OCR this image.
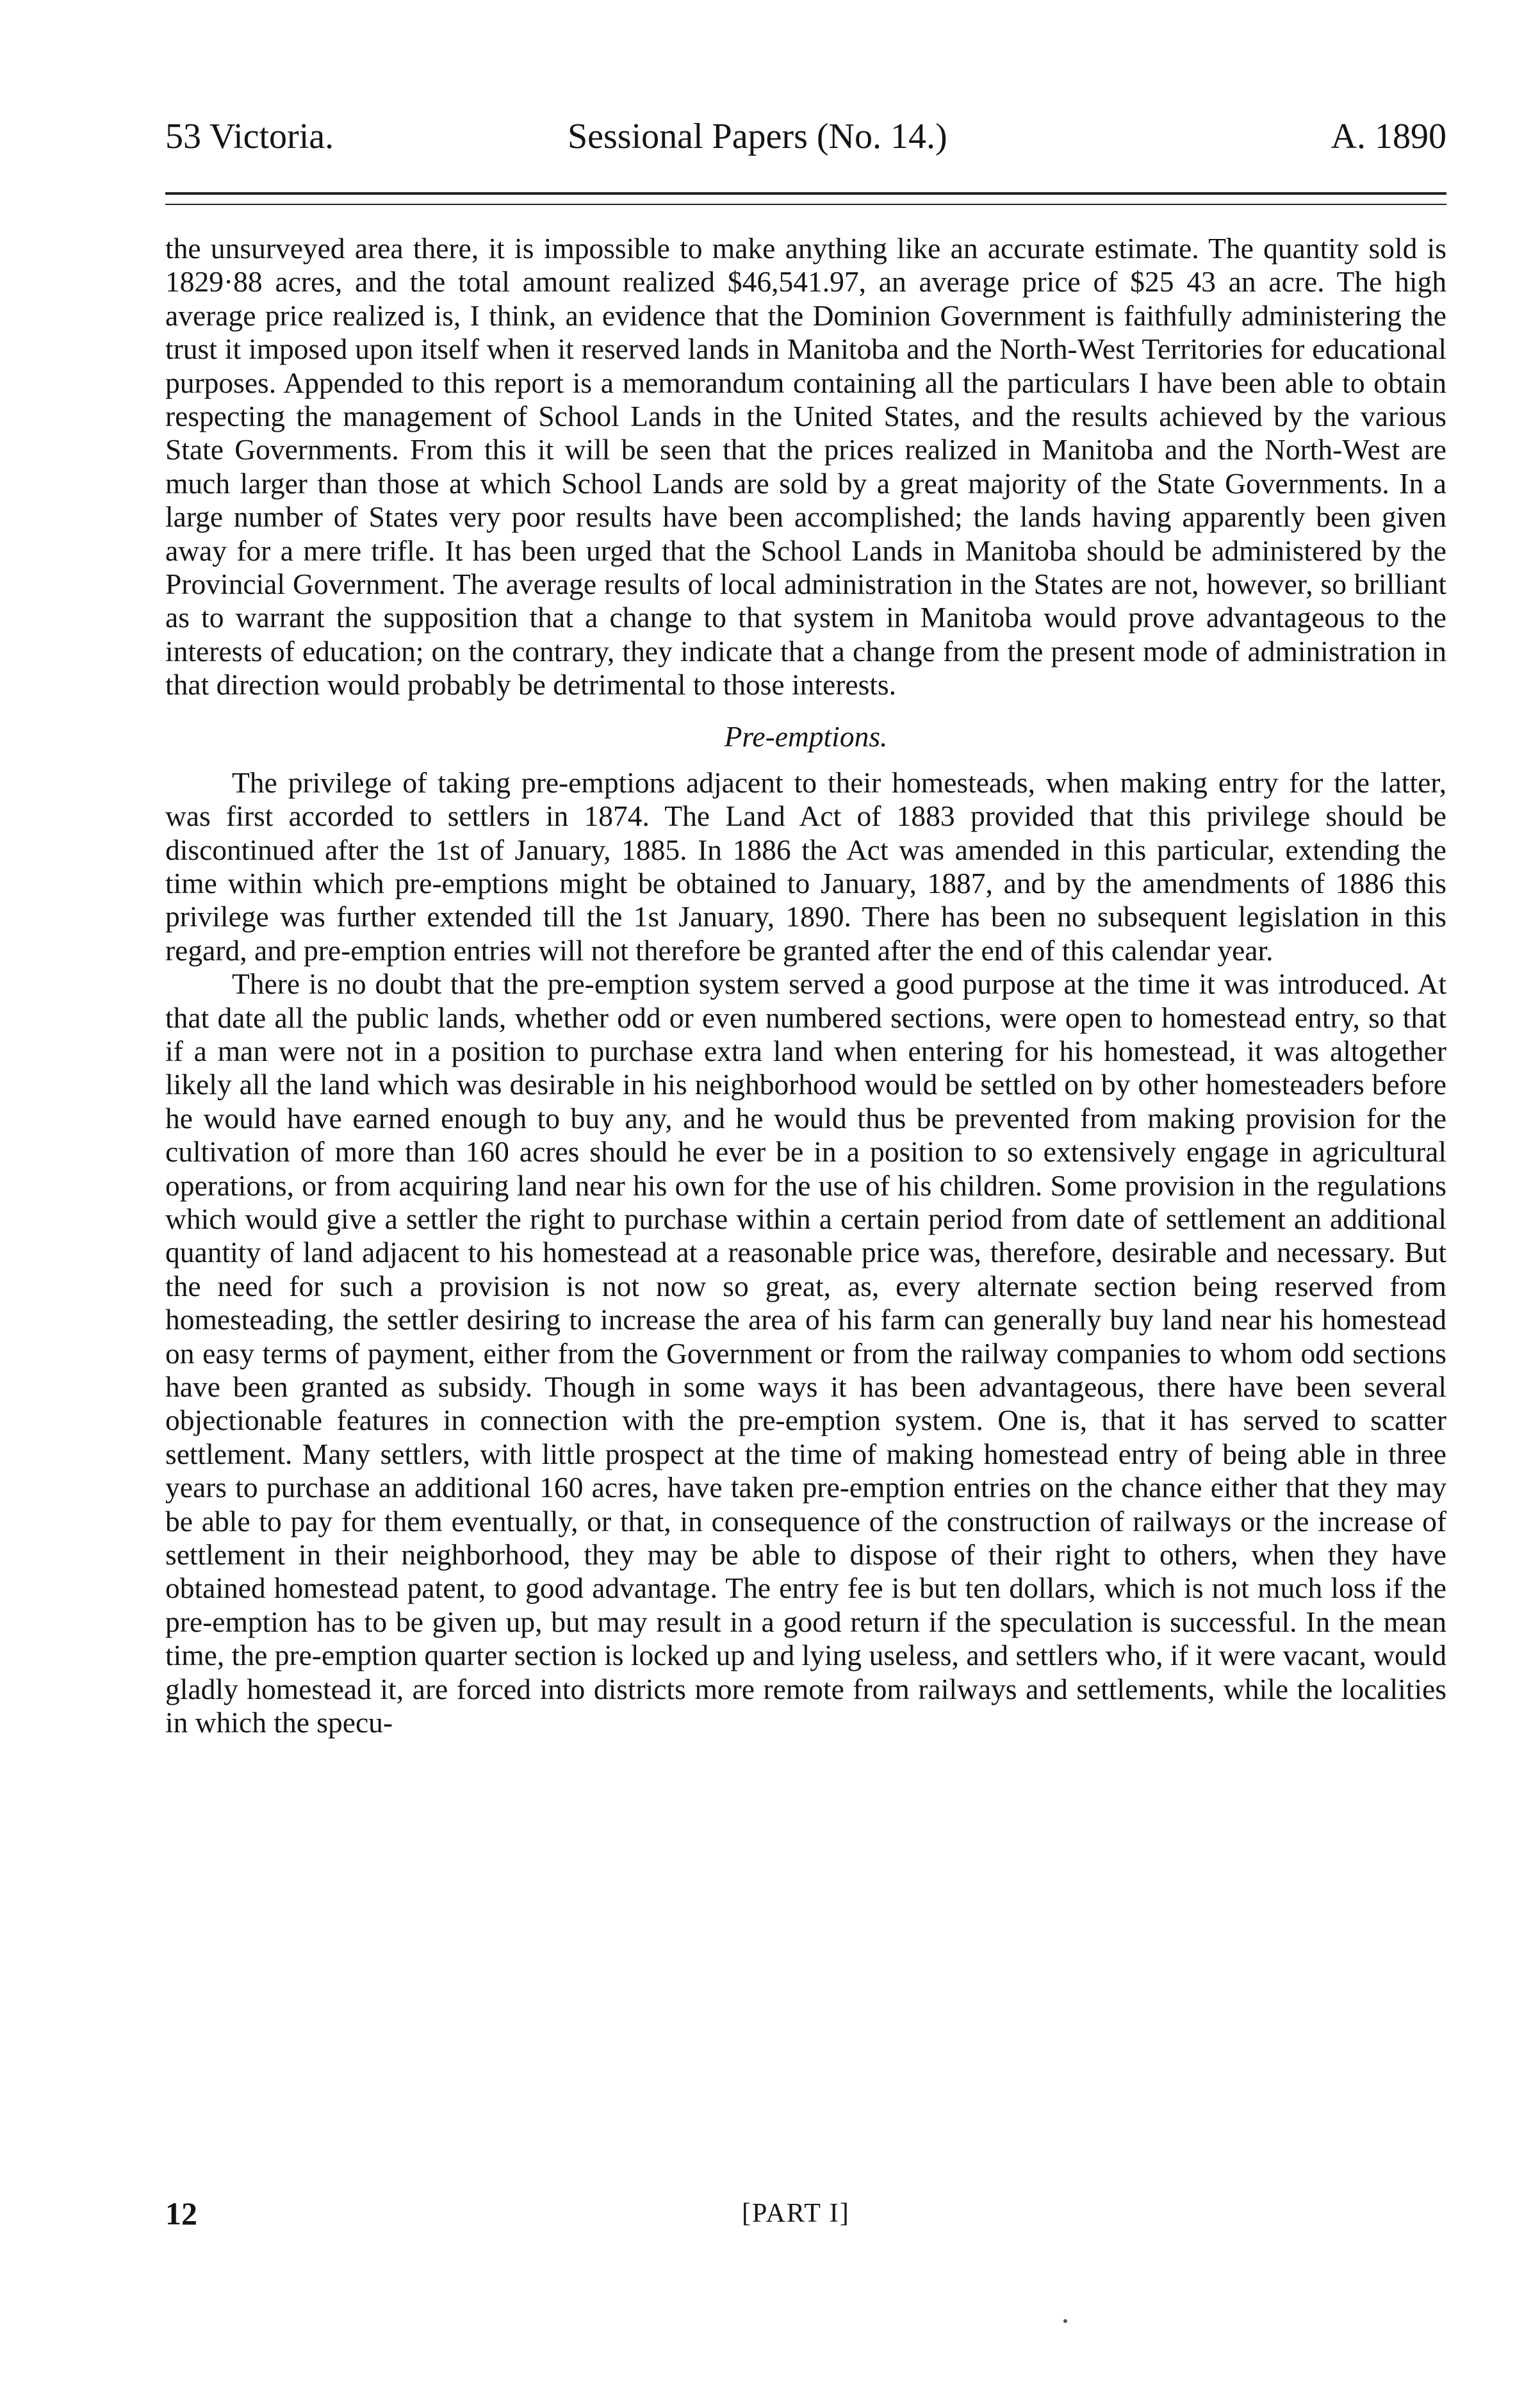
53 Victoria.	Sessional Papers (No. 14.)	A. 1890

the unsurveyed area there, it is impossible to make anything like an accurate estimate. The quantity sold is 1829·88 acres, and the total amount realized $46,541.97, an average price of $25 43 an acre. The high average price realized is, I think, an evidence that the Dominion Government is faithfully administering the trust it imposed upon itself when it reserved lands in Manitoba and the North-West Territories for educational purposes. Appended to this report is a memorandum containing all the particulars I have been able to obtain respecting the management of School Lands in the United States, and the results achieved by the various State Governments. From this it will be seen that the prices realized in Manitoba and the North-West are much larger than those at which School Lands are sold by a great majority of the State Governments. In a large number of States very poor results have been accomplished; the lands having apparently been given away for a mere trifle. It has been urged that the School Lands in Manitoba should be administered by the Provincial Government. The average results of local administration in the States are not, however, so brilliant as to warrant the supposition that a change to that system in Manitoba would prove advantageous to the interests of education; on the contrary, they indicate that a change from the present mode of administration in that direction would probably be detrimental to those interests.

Pre-emptions.

The privilege of taking pre-emptions adjacent to their homesteads, when making entry for the latter, was first accorded to settlers in 1874. The Land Act of 1883 provided that this privilege should be discontinued after the 1st of January, 1885. In 1886 the Act was amended in this particular, extending the time within which pre-emptions might be obtained to January, 1887, and by the amendments of 1886 this privilege was further extended till the 1st January, 1890. There has been no subsequent legislation in this regard, and pre-emption entries will not therefore be granted after the end of this calendar year.

There is no doubt that the pre-emption system served a good purpose at the time it was introduced. At that date all the public lands, whether odd or even numbered sections, were open to homestead entry, so that if a man were not in a position to purchase extra land when entering for his homestead, it was altogether likely all the land which was desirable in his neighborhood would be settled on by other homesteaders before he would have earned enough to buy any, and he would thus be prevented from making provision for the cultivation of more than 160 acres should he ever be in a position to so extensively engage in agricultural operations, or from acquiring land near his own for the use of his children. Some provision in the regulations which would give a settler the right to purchase within a certain period from date of settlement an additional quantity of land adjacent to his homestead at a reasonable price was, therefore, desirable and necessary. But the need for such a provision is not now so great, as, every alternate section being reserved from homesteading, the settler desiring to increase the area of his farm can generally buy land near his homestead on easy terms of payment, either from the Government or from the railway companies to whom odd sections have been granted as subsidy. Though in some ways it has been advantageous, there have been several objectionable features in connection with the pre-emption system. One is, that it has served to scatter settlement. Many settlers, with little prospect at the time of making homestead entry of being able in three years to purchase an additional 160 acres, have taken pre-emption entries on the chance either that they may be able to pay for them eventually, or that, in consequence of the construction of railways or the increase of settlement in their neighborhood, they may be able to dispose of their right to others, when they have obtained homestead patent, to good advantage. The entry fee is but ten dollars, which is not much loss if the pre-emption has to be given up, but may result in a good return if the speculation is successful. In the mean time, the pre-emption quarter section is locked up and lying useless, and settlers who, if it were vacant, would gladly homestead it, are forced into districts more remote from railways and settlements, while the localities in which the specu-

12	[PART I]
